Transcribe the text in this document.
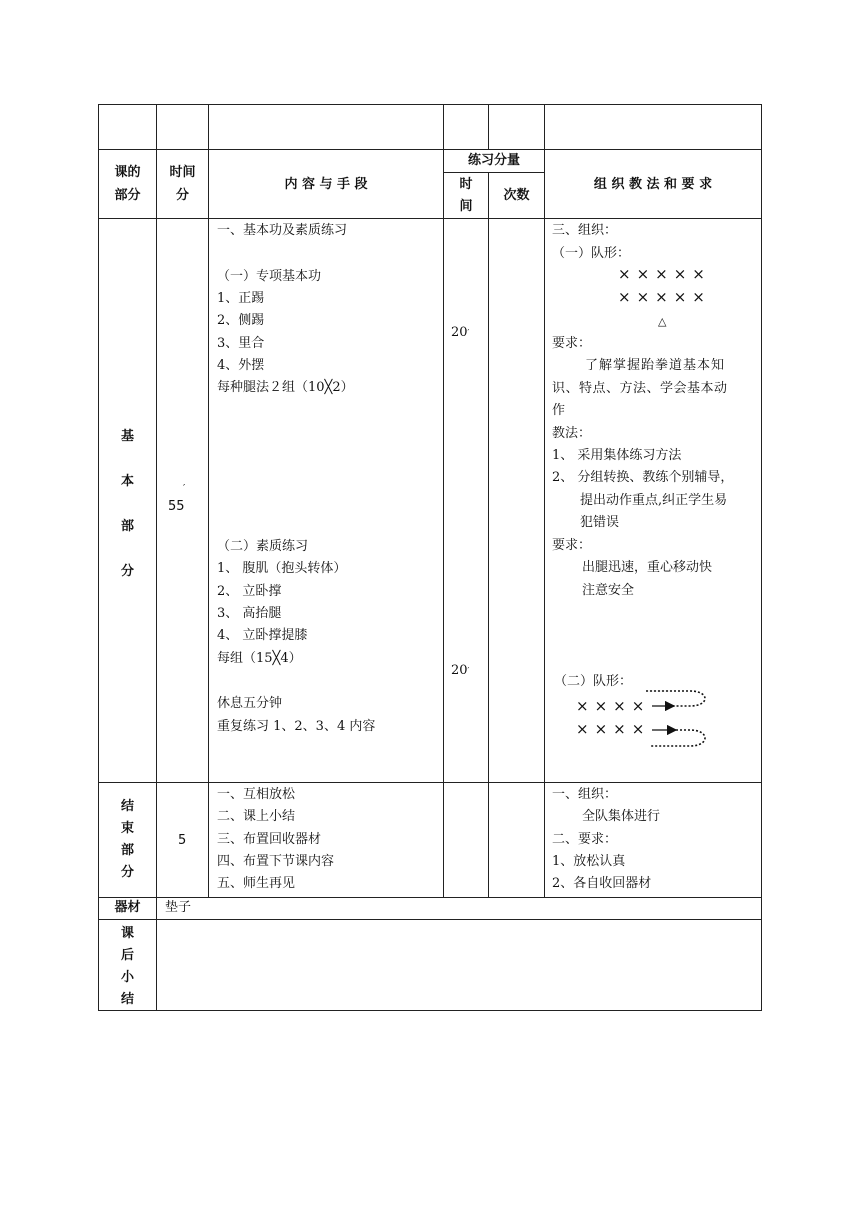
课的
部分
时间
分
内 容 与 手 段
练习分量
时
间
次数
组 织 教 法 和 要 求
基
本
部
分
′
55
一、基本功及素质练习
（一）专项基本功
1、正踢
2、侧踢
3、里合
4、外摆
每种腿法２组（10╳2）
（二）素质练习
1、 腹肌（抱头转体）
2、 立卧撑
3、 高抬腿
4、 立卧撑提膝
每组（15╳4）
休息五分钟
重复练习 1、2、3、4 内容
20′
20′
三、组织：
（一）队形：
×××××
×××××
△
要求：
了解掌握跆拳道基本知
识、特点、方法、学会基本动
作
教法：
1、 采用集体练习方法
2、 分组转换、教练个别辅导，
提出动作重点,纠正学生易
犯错误
要求：
出腿迅速，重心移动快
注意安全
（二）队形：
××××
××××
结
束
部
分
5
一、互相放松
二、课上小结
三、布置回收器材
四、布置下节课内容
五、师生再见
一、组织：
全队集体进行
二、要求：
1、放松认真
2、各自收回器材
器材	垫子
课
后
小
结
